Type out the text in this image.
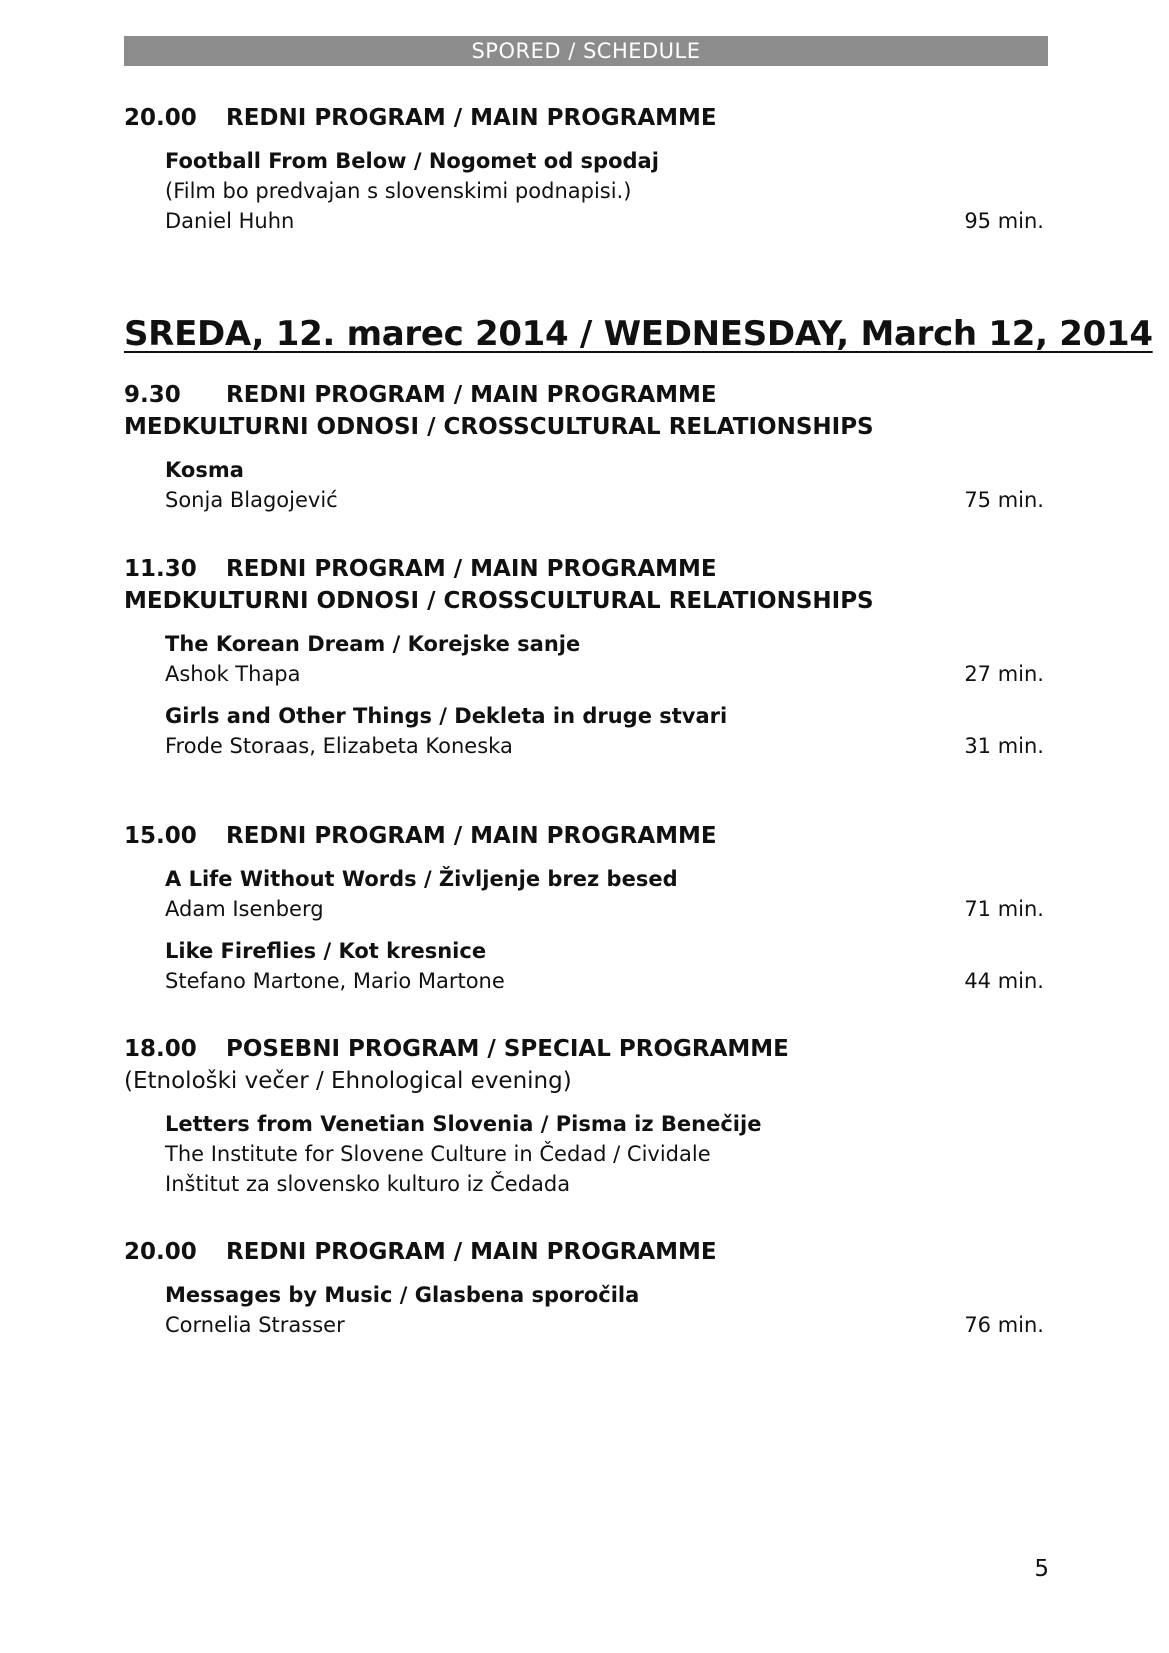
SPORED / SCHEDULE
20.00 REDNI PROGRAM / MAIN PROGRAMME
Football From Below / Nogomet od spodaj
(Film bo predvajan s slovenskimi podnapisi.)
Daniel Huhn	95 min.
SREDA, 12. marec 2014 / WEDNESDAY, March 12, 2014
9.30 REDNI PROGRAM / MAIN PROGRAMME
MEDKULTURNI ODNOSI / CROSSCULTURAL RELATIONSHIPS
Kosma
Sonja Blagojević	75 min.
11.30 REDNI PROGRAM / MAIN PROGRAMME
MEDKULTURNI ODNOSI / CROSSCULTURAL RELATIONSHIPS
The Korean Dream / Korejske sanje
Ashok Thapa	27 min.
Girls and Other Things / Dekleta in druge stvari
Frode Storaas, Elizabeta Koneska	31 min.
15.00 REDNI PROGRAM / MAIN PROGRAMME
A Life Without Words / Življenje brez besed
Adam Isenberg	71 min.
Like Fireflies / Kot kresnice
Stefano Martone, Mario Martone	44 min.
18.00 POSEBNI PROGRAM / SPECIAL PROGRAMME
(Etnološki večer / Ehnological evening)
Letters from Venetian Slovenia / Pisma iz Benečije
The Institute for Slovene Culture in Čedad / Cividale
Inštitut za slovensko kulturo iz Čedada
20.00 REDNI PROGRAM / MAIN PROGRAMME
Messages by Music / Glasbena sporočila
Cornelia Strasser	76 min.
5
